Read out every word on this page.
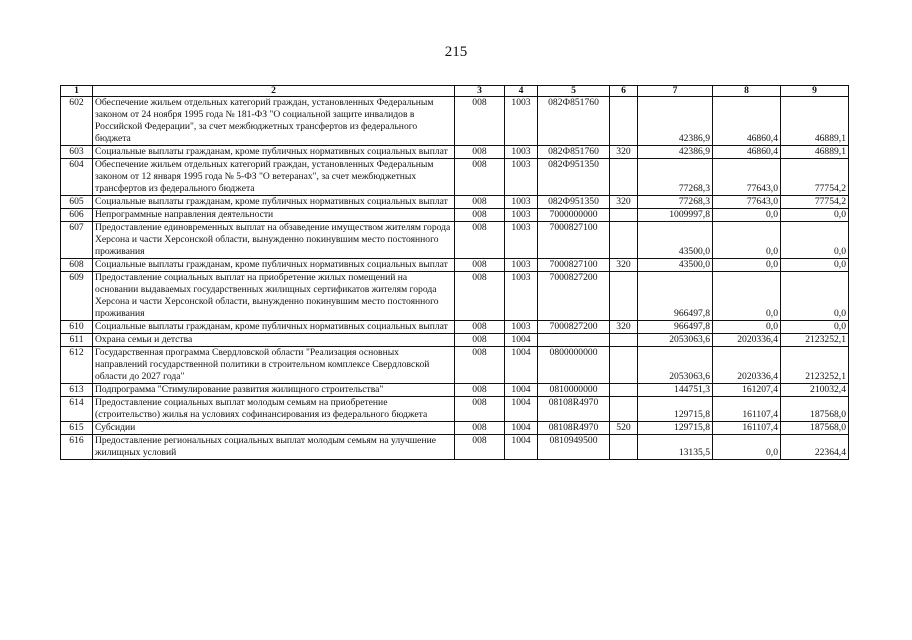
215
1	2	3	4	5	6	7	8	9
602	Обеспечение жильем отдельных категорий граждан, установленных Федеральным законом от 24 ноября 1995 года № 181-ФЗ "О социальной защите инвалидов в Российской Федерации", за счет межбюджетных трансфертов из федерального бюджета	008	1003	082Ф851760		42386,9	46860,4	46889,1
603	Социальные выплаты гражданам, кроме публичных нормативных социальных выплат	008	1003	082Ф851760	320	42386,9	46860,4	46889,1
604	Обеспечение жильем отдельных категорий граждан, установленных Федеральным законом от 12 января 1995 года № 5-ФЗ "О ветеранах", за счет межбюджетных трансфертов из федерального бюджета	008	1003	082Ф951350		77268,3	77643,0	77754,2
605	Социальные выплаты гражданам, кроме публичных нормативных социальных выплат	008	1003	082Ф951350	320	77268,3	77643,0	77754,2
606	Непрограммные направления деятельности	008	1003	7000000000		1009997,8	0,0	0,0
607	Предоставление единовременных выплат на обзаведение имуществом жителям города Херсона и части Херсонской области, вынужденно покинувшим место постоянного проживания	008	1003	7000827100		43500,0	0,0	0,0
608	Социальные выплаты гражданам, кроме публичных нормативных социальных выплат	008	1003	7000827100	320	43500,0	0,0	0,0
609	Предоставление социальных выплат на приобретение жилых помещений на основании выдаваемых государственных жилищных сертификатов жителям города Херсона и части Херсонской области, вынужденно покинувшим место постоянного проживания	008	1003	7000827200		966497,8	0,0	0,0
610	Социальные выплаты гражданам, кроме публичных нормативных социальных выплат	008	1003	7000827200	320	966497,8	0,0	0,0
611	Охрана семьи и детства	008	1004			2053063,6	2020336,4	2123252,1
612	Государственная программа Свердловской области "Реализация основных направлений государственной политики в строительном комплексе Свердловской области до 2027 года"	008	1004	0800000000		2053063,6	2020336,4	2123252,1
613	Подпрограмма "Стимулирование развития жилищного строительства"	008	1004	0810000000		144751,3	161207,4	210032,4
614	Предоставление социальных выплат молодым семьям на приобретение (строительство) жилья на условиях софинансирования из федерального бюджета	008	1004	08108R4970		129715,8	161107,4	187568,0
615	Субсидии	008	1004	08108R4970	520	129715,8	161107,4	187568,0
616	Предоставление региональных социальных выплат молодым семьям на улучшение жилищных условий	008	1004	0810949500		13135,5	0,0	22364,4
